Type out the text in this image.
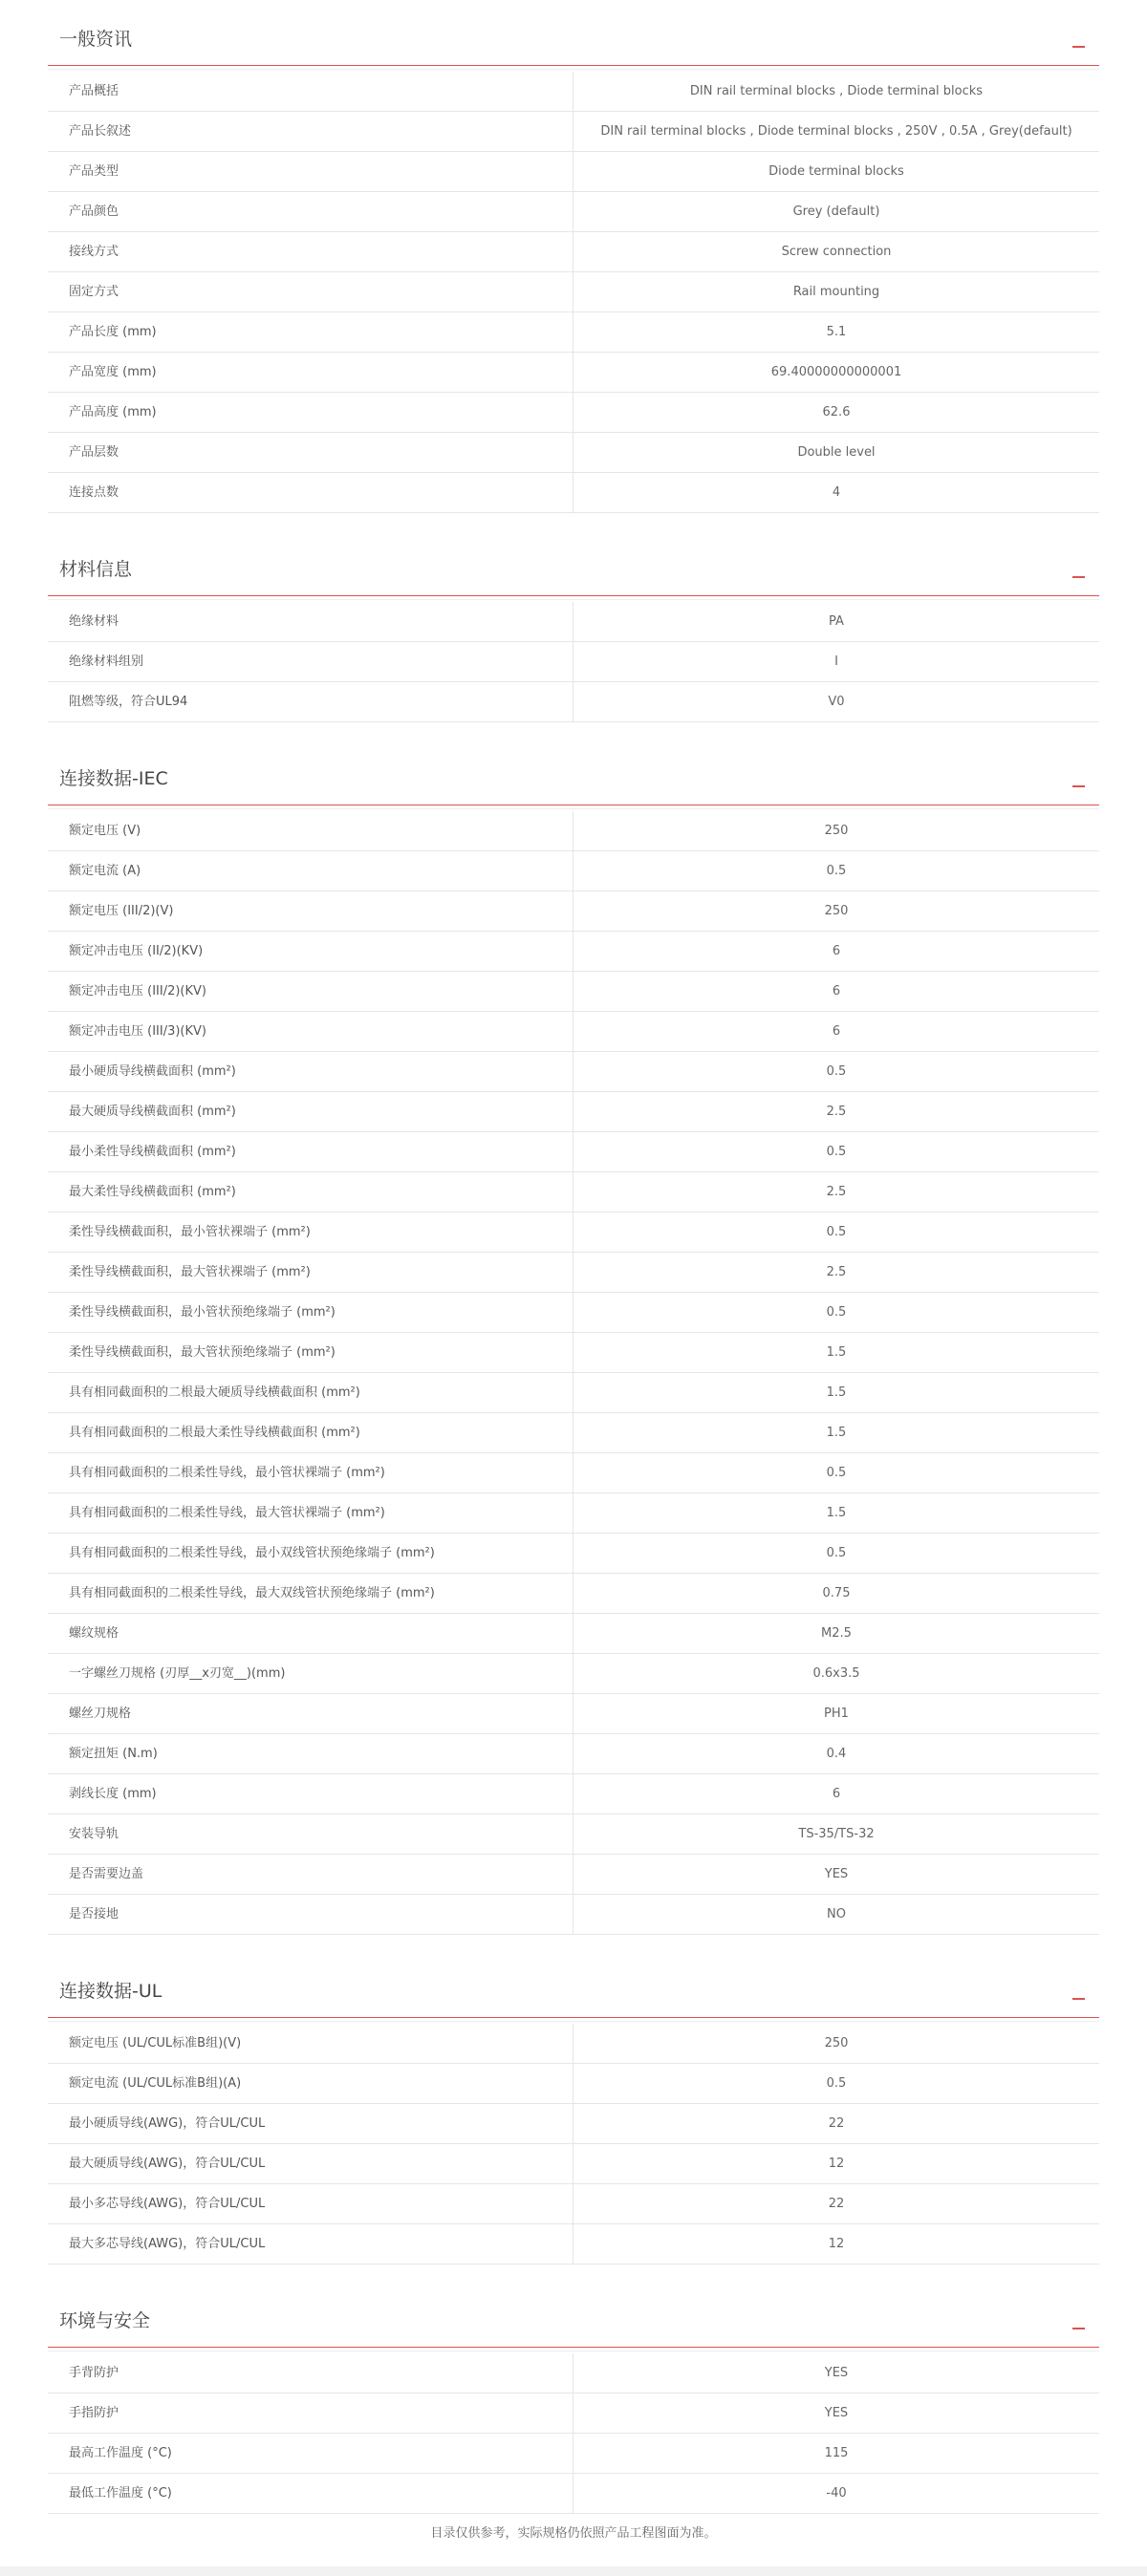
一般资讯
产品概括	DIN rail terminal blocks , Diode terminal blocks
产品长叙述	DIN rail terminal blocks , Diode terminal blocks , 250V , 0.5A , Grey(default)
产品类型	Diode terminal blocks
产品颜色	Grey (default)
接线方式	Screw connection
固定方式	Rail mounting
产品长度 (mm)	5.1
产品宽度 (mm)	69.40000000000001
产品高度 (mm)	62.6
产品层数	Double level
连接点数	4
材料信息
绝缘材料	PA
绝缘材料组别	I
阻燃等级，符合UL94	V0
连接数据-IEC
额定电压 (V)	250
额定电流 (A)	0.5
额定电压 (III/2)(V)	250
额定冲击电压 (II/2)(KV)	6
额定冲击电压 (III/2)(KV)	6
额定冲击电压 (III/3)(KV)	6
最小硬质导线横截面积 (mm²)	0.5
最大硬质导线横截面积 (mm²)	2.5
最小柔性导线横截面积 (mm²)	0.5
最大柔性导线横截面积 (mm²)	2.5
柔性导线横截面积，最小管状裸端子 (mm²)	0.5
柔性导线横截面积，最大管状裸端子 (mm²)	2.5
柔性导线横截面积，最小管状预绝缘端子 (mm²)	0.5
柔性导线横截面积，最大管状预绝缘端子 (mm²)	1.5
具有相同截面积的二根最大硬质导线横截面积 (mm²)	1.5
具有相同截面积的二根最大柔性导线横截面积 (mm²)	1.5
具有相同截面积的二根柔性导线，最小管状裸端子 (mm²)	0.5
具有相同截面积的二根柔性导线，最大管状裸端子 (mm²)	1.5
具有相同截面积的二根柔性导线，最小双线管状预绝缘端子 (mm²)	0.5
具有相同截面积的二根柔性导线，最大双线管状预绝缘端子 (mm²)	0.75
螺纹规格	M2.5
一字螺丝刀规格 (刃厚__x刃宽__)(mm)	0.6x3.5
螺丝刀规格	PH1
额定扭矩 (N.m)	0.4
剥线长度 (mm)	6
安装导轨	TS-35/TS-32
是否需要边盖	YES
是否接地	NO
连接数据-UL
额定电压 (UL/CUL标准B组)(V)	250
额定电流 (UL/CUL标准B组)(A)	0.5
最小硬质导线(AWG)，符合UL/CUL	22
最大硬质导线(AWG)，符合UL/CUL	12
最小多芯导线(AWG)，符合UL/CUL	22
最大多芯导线(AWG)，符合UL/CUL	12
环境与安全
手背防护	YES
手指防护	YES
最高工作温度 (°C)	115
最低工作温度 (°C)	-40
目录仅供参考，实际规格仍依照产品工程图面为准。
